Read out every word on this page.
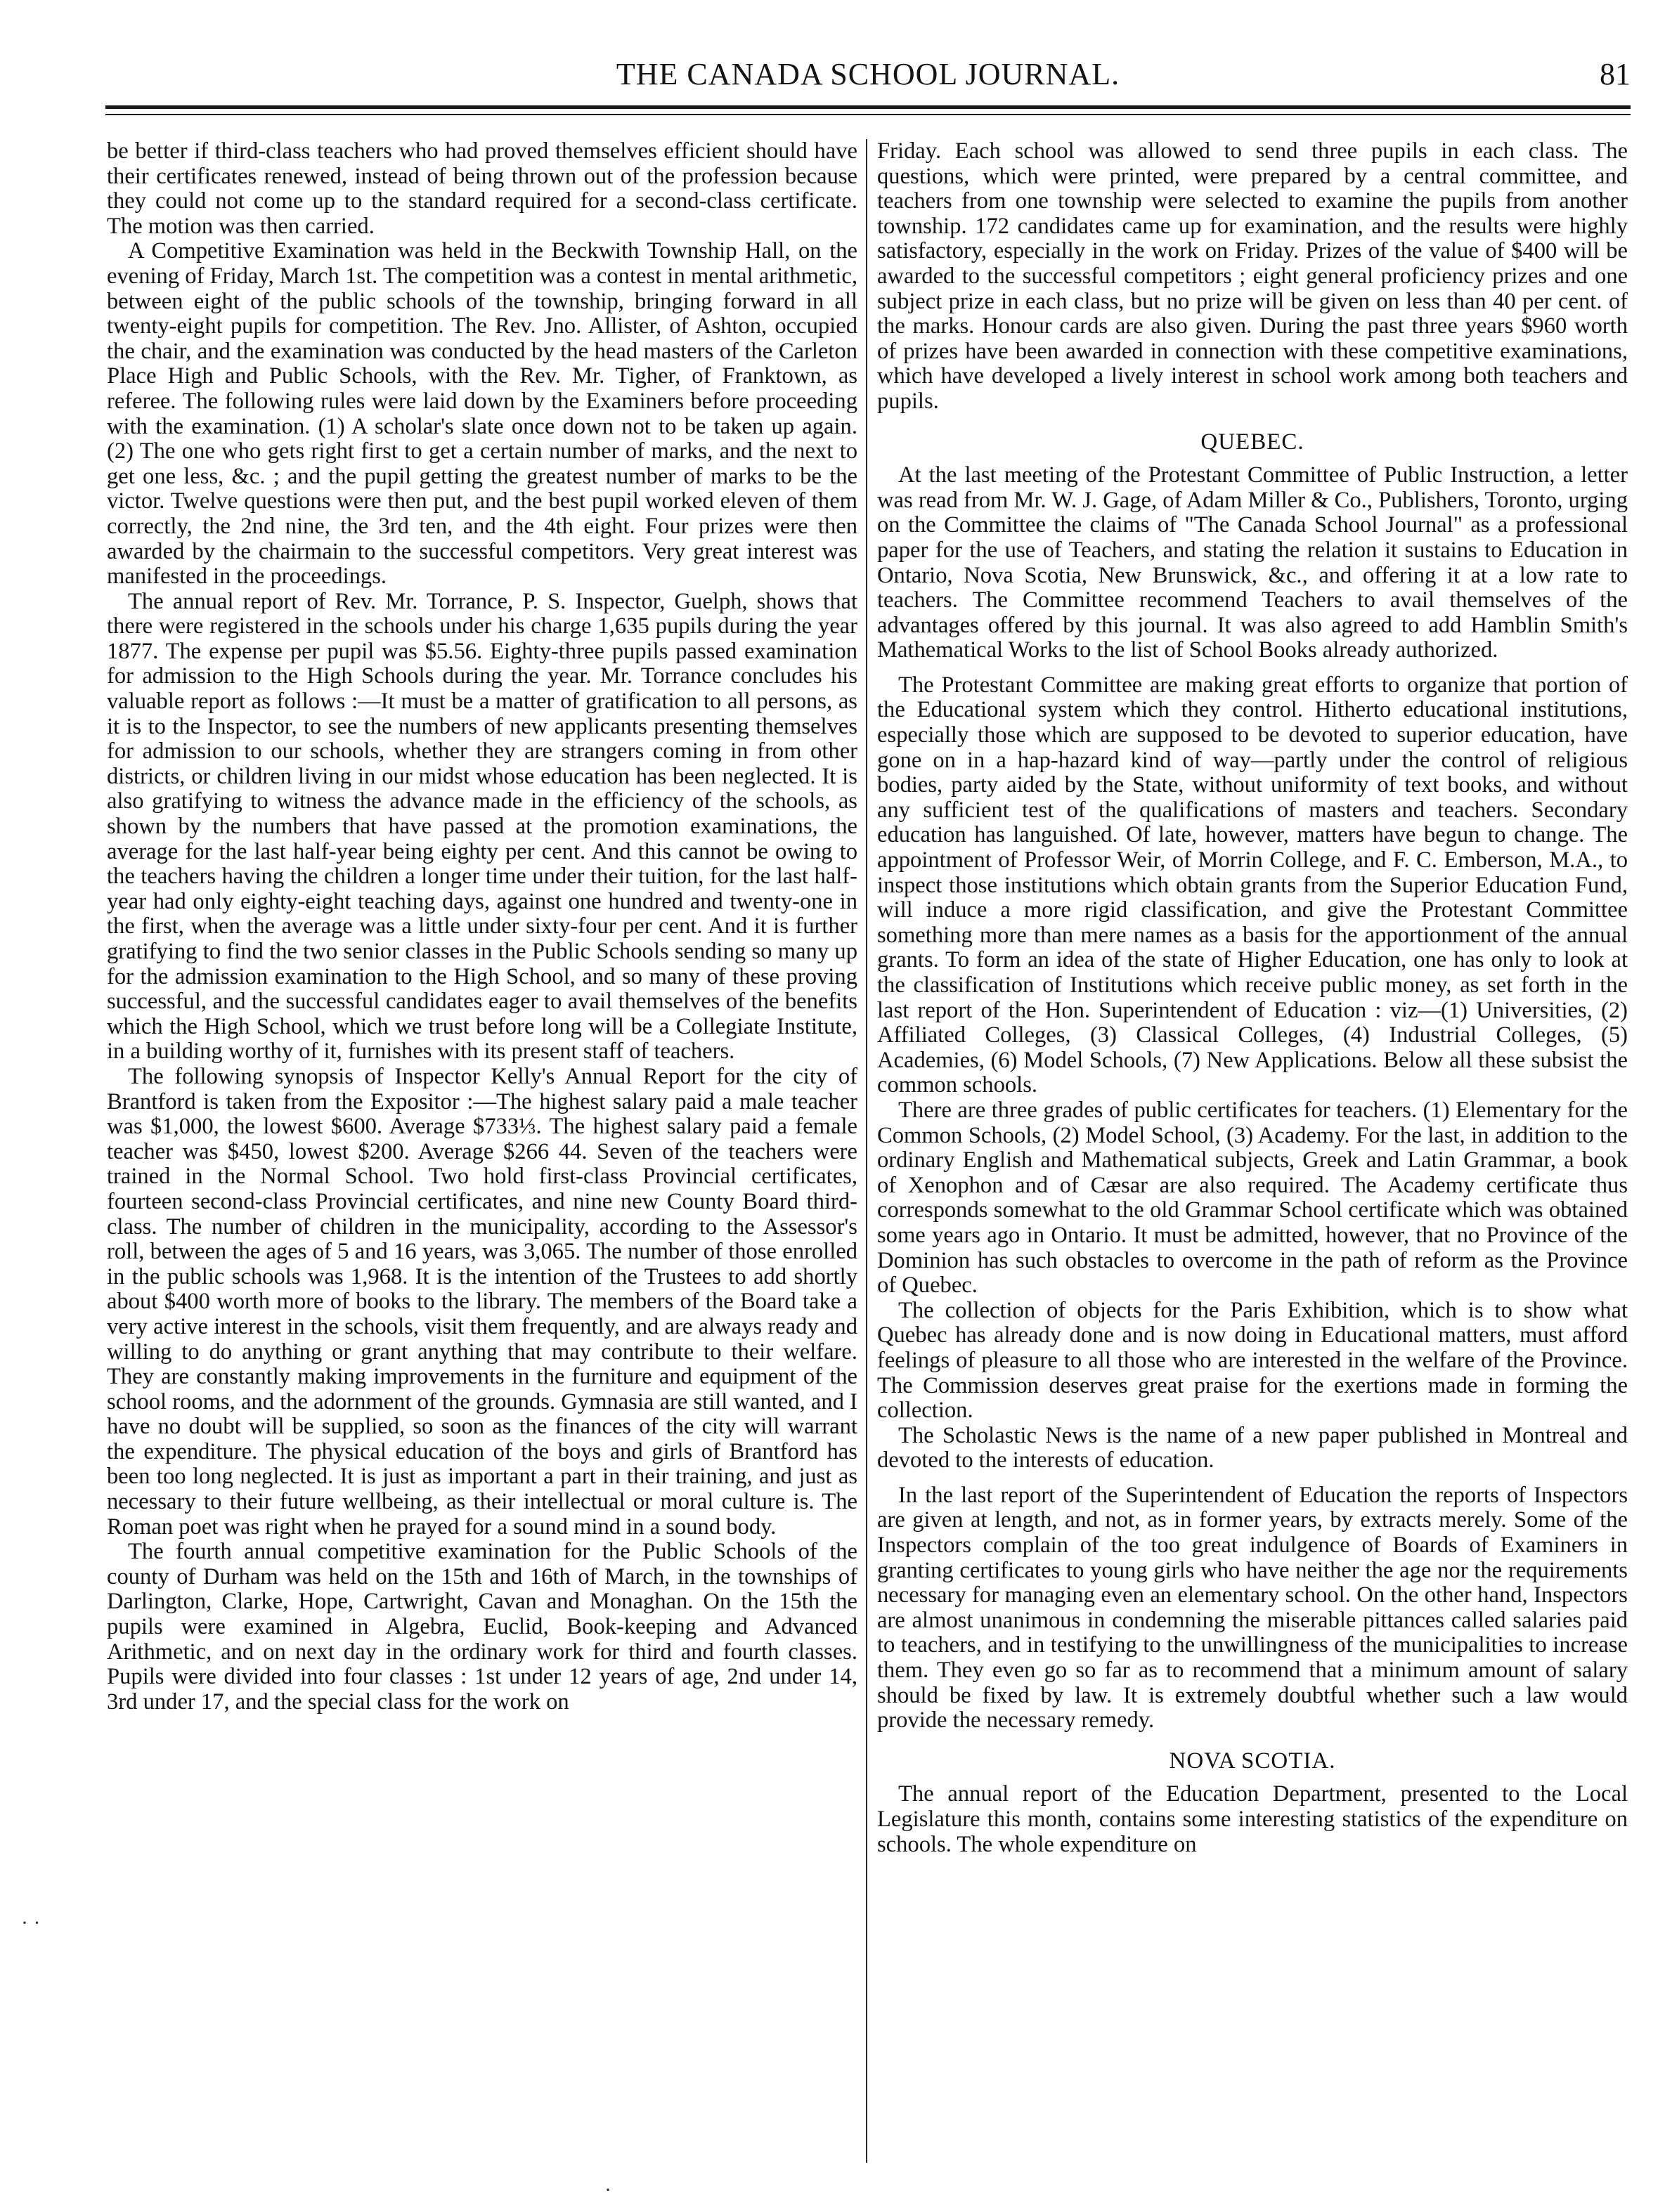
THE CANADA SCHOOL JOURNAL.	81

be better if third-class teachers who had proved themselves efficient should have their certificates renewed, instead of being thrown out of the profession because they could not come up to the standard required for a second-class certificate. The motion was then carried.

A Competitive Examination was held in the Beckwith Township Hall, on the evening of Friday, March 1st. The competition was a contest in mental arithmetic, between eight of the public schools of the township, bringing forward in all twenty-eight pupils for competition. The Rev. Jno. Allister, of Ashton, occupied the chair, and the examination was conducted by the head masters of the Carleton Place High and Public Schools, with the Rev. Mr. Tigher, of Franktown, as referee. The following rules were laid down by the Examiners before proceeding with the examination. (1) A scholar's slate once down not to be taken up again. (2) The one who gets right first to get a certain number of marks, and the next to get one less, &c. ; and the pupil getting the greatest number of marks to be the victor. Twelve questions were then put, and the best pupil worked eleven of them correctly, the 2nd nine, the 3rd ten, and the 4th eight. Four prizes were then awarded by the chairmain to the successful competitors. Very great interest was manifested in the proceedings.

The annual report of Rev. Mr. Torrance, P. S. Inspector, Guelph, shows that there were registered in the schools under his charge 1,635 pupils during the year 1877. The expense per pupil was $5.56. Eighty-three pupils passed examination for admission to the High Schools during the year. Mr. Torrance concludes his valuable report as follows :—It must be a matter of gratification to all persons, as it is to the Inspector, to see the numbers of new applicants presenting themselves for admission to our schools, whether they are strangers coming in from other districts, or children living in our midst whose education has been neglected. It is also gratifying to witness the advance made in the efficiency of the schools, as shown by the numbers that have passed at the promotion examinations, the average for the last half-year being eighty per cent. And this cannot be owing to the teachers having the children a longer time under their tuition, for the last half-year had only eighty-eight teaching days, against one hundred and twenty-one in the first, when the average was a little under sixty-four per cent. And it is further gratifying to find the two senior classes in the Public Schools sending so many up for the admission examination to the High School, and so many of these proving successful, and the successful candidates eager to avail themselves of the benefits which the High School, which we trust before long will be a Collegiate Institute, in a building worthy of it, furnishes with its present staff of teachers.

The following synopsis of Inspector Kelly's Annual Report for the city of Brantford is taken from the Expositor :—The highest salary paid a male teacher was $1,000, the lowest $600. Average $733⅓. The highest salary paid a female teacher was $450, lowest $200. Average $266 44. Seven of the teachers were trained in the Normal School. Two hold first-class Provincial certificates, fourteen second-class Provincial certificates, and nine new County Board third-class. The number of children in the municipality, according to the Assessor's roll, between the ages of 5 and 16 years, was 3,065. The number of those enrolled in the public schools was 1,968. It is the intention of the Trustees to add shortly about $400 worth more of books to the library. The members of the Board take a very active interest in the schools, visit them frequently, and are always ready and willing to do anything or grant anything that may contribute to their welfare. They are constantly making improvements in the furniture and equipment of the school rooms, and the adornment of the grounds. Gymnasia are still wanted, and I have no doubt will be supplied, so soon as the finances of the city will warrant the expenditure. The physical education of the boys and girls of Brantford has been too long neglected. It is just as important a part in their training, and just as necessary to their future wellbeing, as their intellectual or moral culture is. The Roman poet was right when he prayed for a sound mind in a sound body.

The fourth annual competitive examination for the Public Schools of the county of Durham was held on the 15th and 16th of March, in the townships of Darlington, Clarke, Hope, Cartwright, Cavan and Monaghan. On the 15th the pupils were examined in Algebra, Euclid, Book-keeping and Advanced Arithmetic, and on next day in the ordinary work for third and fourth classes. Pupils were divided into four classes : 1st under 12 years of age, 2nd under 14, 3rd under 17, and the special class for the work on

Friday. Each school was allowed to send three pupils in each class. The questions, which were printed, were prepared by a central committee, and teachers from one township were selected to examine the pupils from another township. 172 candidates came up for examination, and the results were highly satisfactory, especially in the work on Friday. Prizes of the value of $400 will be awarded to the successful competitors ; eight general proficiency prizes and one subject prize in each class, but no prize will be given on less than 40 per cent. of the marks. Honour cards are also given. During the past three years $960 worth of prizes have been awarded in connection with these competitive examinations, which have developed a lively interest in school work among both teachers and pupils.

QUEBEC.

At the last meeting of the Protestant Committee of Public Instruction, a letter was read from Mr. W. J. Gage, of Adam Miller & Co., Publishers, Toronto, urging on the Committee the claims of "The Canada School Journal" as a professional paper for the use of Teachers, and stating the relation it sustains to Education in Ontario, Nova Scotia, New Brunswick, &c., and offering it at a low rate to teachers. The Committee recommend Teachers to avail themselves of the advantages offered by this journal. It was also agreed to add Hamblin Smith's Mathematical Works to the list of School Books already authorized.

The Protestant Committee are making great efforts to organize that portion of the Educational system which they control. Hitherto educational institutions, especially those which are supposed to be devoted to superior education, have gone on in a hap-hazard kind of way—partly under the control of religious bodies, party aided by the State, without uniformity of text books, and without any sufficient test of the qualifications of masters and teachers. Secondary education has languished. Of late, however, matters have begun to change. The appointment of Professor Weir, of Morrin College, and F. C. Emberson, M.A., to inspect those institutions which obtain grants from the Superior Education Fund, will induce a more rigid classification, and give the Protestant Committee something more than mere names as a basis for the apportionment of the annual grants. To form an idea of the state of Higher Education, one has only to look at the classification of Institutions which receive public money, as set forth in the last report of the Hon. Superintendent of Education : viz—(1) Universities, (2) Affiliated Colleges, (3) Classical Colleges, (4) Industrial Colleges, (5) Academies, (6) Model Schools, (7) New Applications. Below all these subsist the common schools.

There are three grades of public certificates for teachers. (1) Elementary for the Common Schools, (2) Model School, (3) Academy. For the last, in addition to the ordinary English and Mathematical subjects, Greek and Latin Grammar, a book of Xenophon and of Cæsar are also required. The Academy certificate thus corresponds somewhat to the old Grammar School certificate which was obtained some years ago in Ontario. It must be admitted, however, that no Province of the Dominion has such obstacles to overcome in the path of reform as the Province of Quebec.

The collection of objects for the Paris Exhibition, which is to show what Quebec has already done and is now doing in Educational matters, must afford feelings of pleasure to all those who are interested in the welfare of the Province. The Commission deserves great praise for the exertions made in forming the collection.

The Scholastic News is the name of a new paper published in Montreal and devoted to the interests of education.

In the last report of the Superintendent of Education the reports of Inspectors are given at length, and not, as in former years, by extracts merely. Some of the Inspectors complain of the too great indulgence of Boards of Examiners in granting certificates to young girls who have neither the age nor the requirements necessary for managing even an elementary school. On the other hand, Inspectors are almost unanimous in condemning the miserable pittances called salaries paid to teachers, and in testifying to the unwillingness of the municipalities to increase them. They even go so far as to recommend that a minimum amount of salary should be fixed by law. It is extremely doubtful whether such a law would provide the necessary remedy.

NOVA SCOTIA.

The annual report of the Education Department, presented to the Local Legislature this month, contains some interesting statistics of the expenditure on schools. The whole expenditure on

· ·
·
